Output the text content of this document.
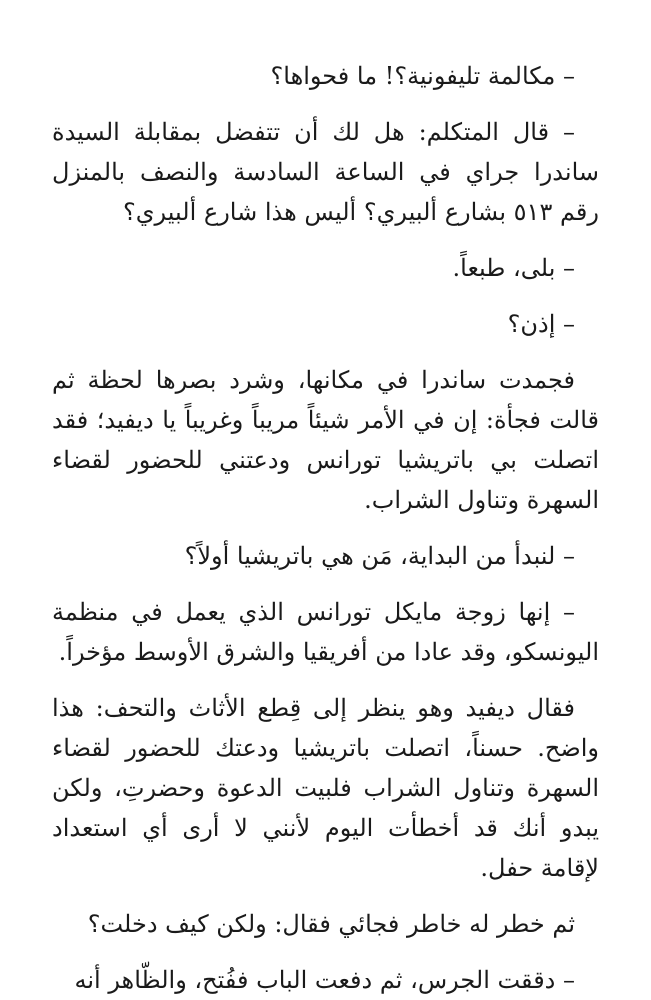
– مكالمة تليفونية؟! ما فحواها؟

– قال المتكلم: هل لك أن تتفضل بمقابلة السيدة ساندرا جراي في الساعة السادسة والنصف بالمنزل رقم ٥١٣ بشارع ألبيري؟ أليس هذا شارع ألبيري؟

– بلى، طبعاً.

– إذن؟

فجمدت ساندرا في مكانها، وشرد بصرها لحظة ثم قالت فجأة: إن في الأمر شيئاً مريباً وغريباً يا ديفيد؛ فقد اتصلت بي باتريشيا تورانس ودعتني للحضور لقضاء السهرة وتناول الشراب.

– لنبدأ من البداية، مَن هي باتريشيا أولاً؟

– إنها زوجة مايكل تورانس الذي يعمل في منظمة اليونسكو، وقد عادا من أفريقيا والشرق الأوسط مؤخراً.

فقال ديفيد وهو ينظر إلى قِطع الأثاث والتحف: هذا واضح. حسناً، اتصلت باتريشيا ودعتك للحضور لقضاء السهرة وتناول الشراب فلبيت الدعوة وحضرتِ، ولكن يبدو أنك قد أخطأت اليوم لأنني لا أرى أي استعداد لإقامة حفل.

ثم خطر له خاطر فجائي فقال: ولكن كيف دخلت؟

– دققت الجرس، ثم دفعت الباب ففُتح، والظّاهر أنه
